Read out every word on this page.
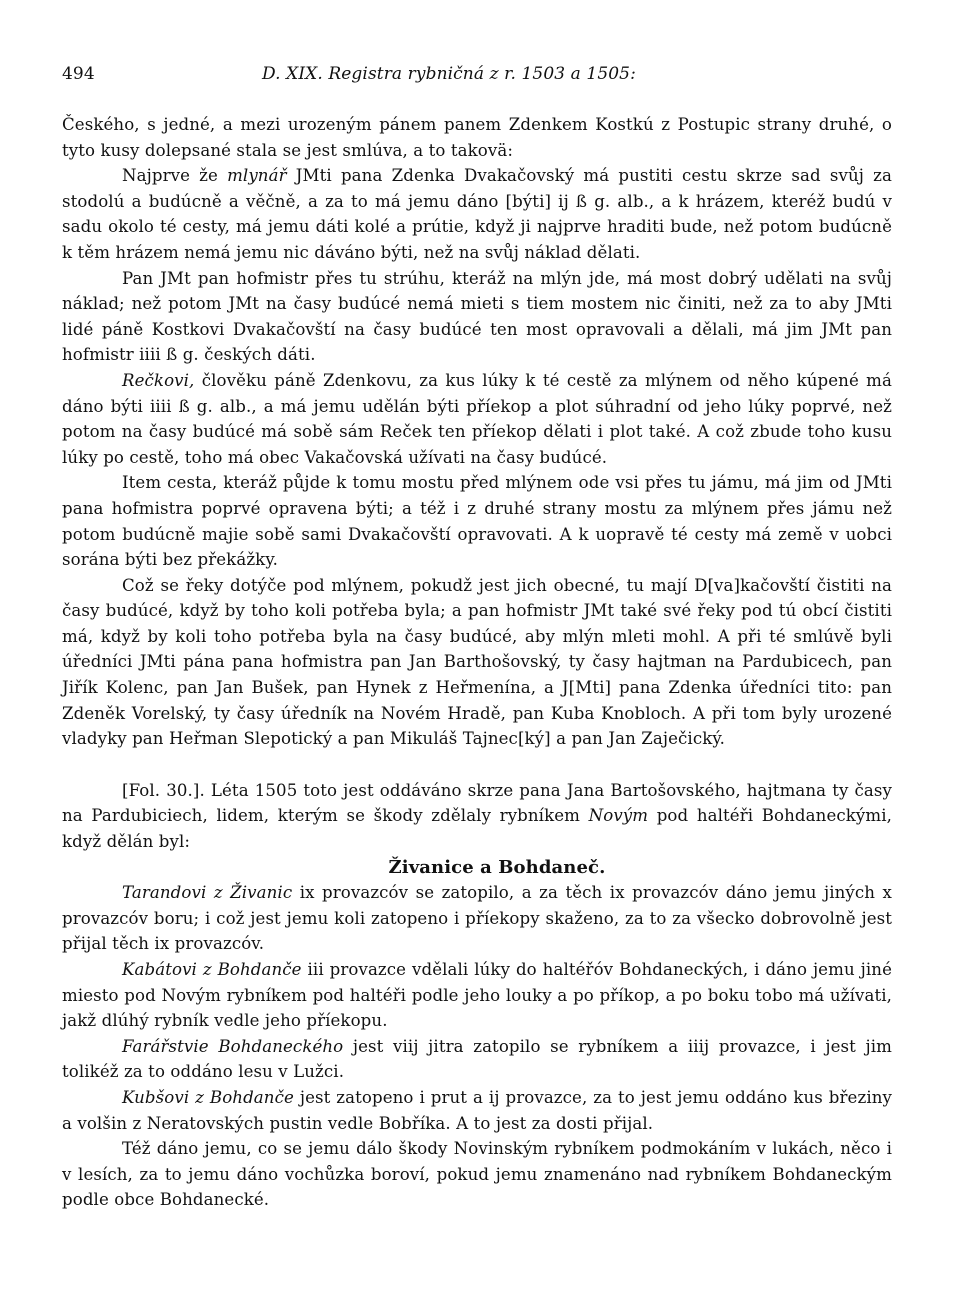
494	D. XIX. Registra rybničná z r. 1503 a 1505:

Českého, s jedné, a mezi urozeným pánem panem Zdenkem Kostkú z Postupic strany druhé, o tyto kusy dolepsané stala se jest smlúva, a to takovä:

Najprve že mlynář JMti pana Zdenka Dvakačovský má pustiti cestu skrze sad svůj za stodolú a budúcně a věčně, a za to má jemu dáno [býti] ij ß g. alb., a k hrázem, kteréž budú v sadu okolo té cesty, má jemu dáti kolé a prútie, když ji najprve hraditi bude, než potom budúcně k těm hrázem nemá jemu nic dáváno býti, než na svůj náklad dělati.

Pan JMt pan hofmistr přes tu strúhu, kteráž na mlýn jde, má most dobrý udělati na svůj náklad; než potom JMt na časy budúcé nemá mieti s tiem mostem nic činiti, než za to aby JMti lidé páně Kostkovi Dvakačovští na časy budúcé ten most opravovali a dělali, má jim JMt pan hofmistr iiii ß g. českých dáti.

Rečkovi, člověku páně Zdenkovu, za kus lúky k té cestě za mlýnem od něho kúpené má dáno býti iiii ß g. alb., a má jemu udělán býti příekop a plot súhradní od jeho lúky poprvé, než potom na časy budúcé má sobě sám Reček ten příekop dělati i plot také. A což zbude toho kusu lúky po cestě, toho má obec Vakačovská užívati na časy budúcé.

Item cesta, kteráž půjde k tomu mostu před mlýnem ode vsi přes tu jámu, má jim od JMti pana hofmistra poprvé opravena býti; a též i z druhé strany mostu za mlýnem přes jámu než potom budúcně majie sobě sami Dvakačovští opravovati. A k uopravě té cesty má země v uobci sorána býti bez překážky.

Což se řeky dotýče pod mlýnem, pokudž jest jich obecné, tu mají D[va]kačovští čistiti na časy budúcé, když by toho koli potřeba byla; a pan hofmistr JMt také své řeky pod tú obcí čistiti má, když by koli toho potřeba byla na časy budúcé, aby mlýn mleti mohl. A při té smlúvě byli úředníci JMti pána pana hofmistra pan Jan Barthošovský, ty časy hajtman na Pardubicech, pan Jiřík Kolenc, pan Jan Bušek, pan Hynek z Heřmenína, a J[Mti] pana Zdenka úředníci tito: pan Zdeněk Vorelský, ty časy úředník na Novém Hradě, pan Kuba Knobloch. A při tom byly urozené vladyky pan Heřman Slepotický a pan Mikuláš Tajnec[ký] a pan Jan Zaječický.

[Fol. 30.]. Léta 1505 toto jest oddáváno skrze pana Jana Bartošovského, hajtmana ty časy na Pardubiciech, lidem, kterým se škody zdělaly rybníkem Novým pod haltéři Bohdaneckými, když dělán byl:

Živanice a Bohdaneč.

Tarandovi z Živanic ix provazcóv se zatopilo, a za těch ix provazcóv dáno jemu jiných x provazcóv boru; i což jest jemu koli zatopeno i příekopy skaženo, za to za všecko dobrovolně jest přijal těch ix provazcóv.

Kabátovi z Bohdanče iii provazce vdělali lúky do haltéřóv Bohdaneckých, i dáno jemu jiné miesto pod Novým rybníkem pod haltéři podle jeho louky a po příkop, a po boku tobo má užívati, jakž dlúhý rybník vedle jeho příekopu.

Farářstvie Bohdaneckého jest viij jitra zatopilo se rybníkem a iiij provazce, i jest jim tolikéž za to oddáno lesu v Lužci.

Kubšovi z Bohdanče jest zatopeno i prut a ij provazce, za to jest jemu oddáno kus březiny a volšin z Neratovských pustin vedle Bobříka. A to jest za dosti přijal.

Též dáno jemu, co se jemu dálo škody Novinským rybníkem podmokáním v lukách, něco i v lesích, za to jemu dáno vochůzka boroví, pokud jemu znamenáno nad rybníkem Bohdaneckým podle obce Bohdanecké.
